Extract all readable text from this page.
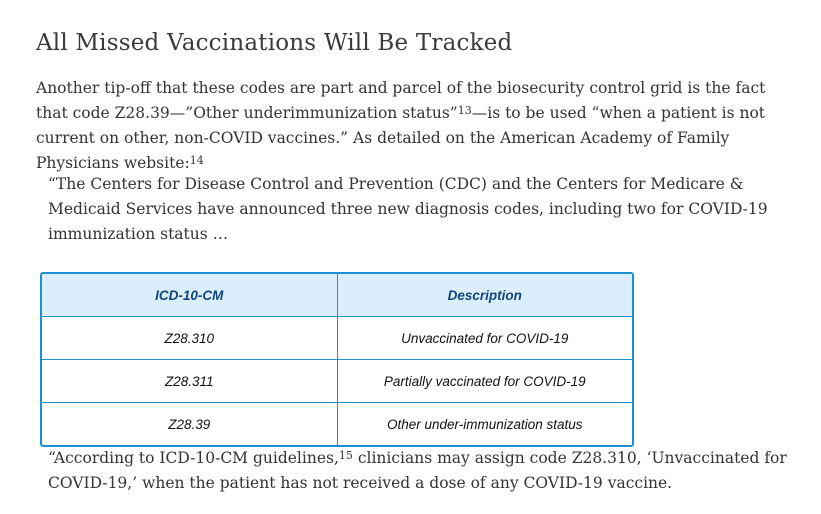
All Missed Vaccinations Will Be Tracked

Another tip-off that these codes are part and parcel of the biosecurity control grid is the fact that code Z28.39—”Other underimmunization status”$^{13}$—is to be used “when a patient is not current on other, non-COVID vaccines.” As detailed on the American Academy of Family Physicians website:$^{14}$

“The Centers for Disease Control and Prevention (CDC) and the Centers for Medicare & Medicaid Services have announced three new diagnosis codes, including two for COVID-19 immunization status …

ICD-10-CM	Description
Z28.310	Unvaccinated for COVID-19
Z28.311	Partially vaccinated for COVID-19
Z28.39	Other under-immunization status

“According to ICD-10-CM guidelines,$^{15}$ clinicians may assign code Z28.310, ‘Unvaccinated for COVID-19,’ when the patient has not received a dose of any COVID-19 vaccine.
